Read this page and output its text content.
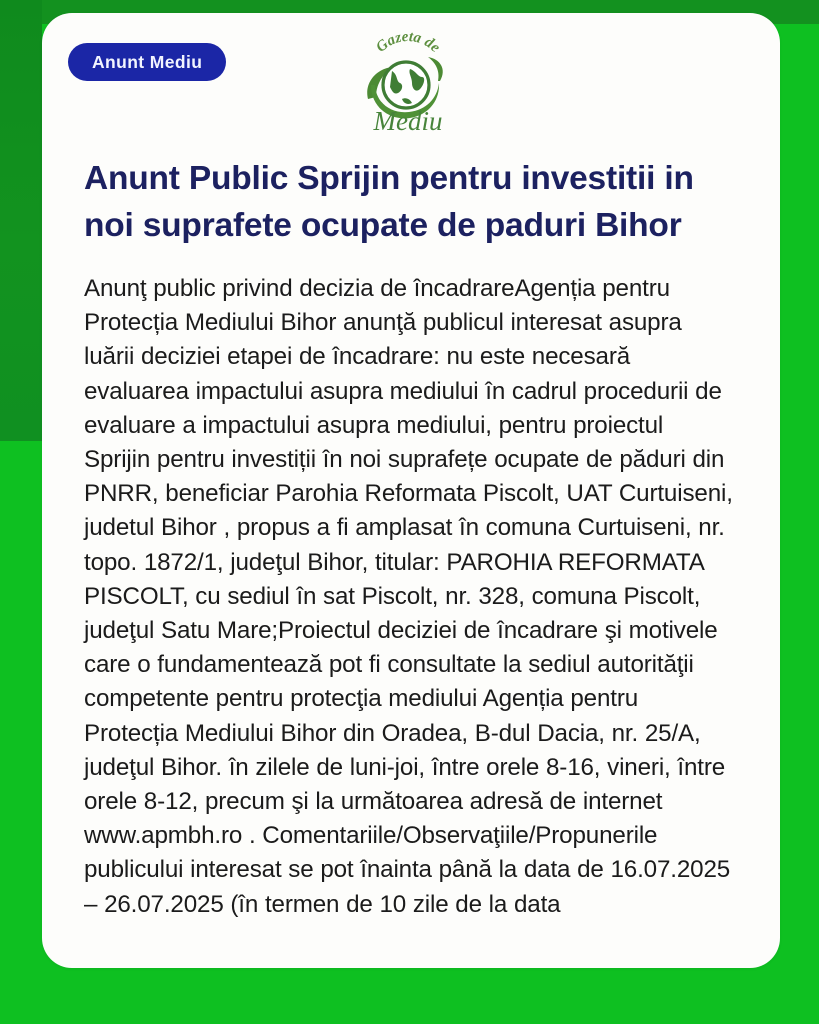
Anunt Mediu
Gazeta de
Mediu
Anunt Public Sprijin pentru investitii in noi suprafete ocupate de paduri Bihor

Anunţ public privind decizia de încadrareAgenția pentru Protecția Mediului Bihor anunţă publicul interesat asupra luării deciziei etapei de încadrare: nu este necesară evaluarea impactului asupra mediului în cadrul procedurii de evaluare a impactului asupra mediului, pentru proiectul Sprijin pentru investiții în noi suprafețe ocupate de păduri din PNRR, beneficiar Parohia Reformata Piscolt, UAT Curtuiseni, judetul Bihor , propus a fi amplasat în comuna Curtuiseni, nr. topo. 1872/1, judeţul Bihor, titular: PAROHIA REFORMATA PISCOLT, cu sediul în sat Piscolt, nr. 328, comuna Piscolt, judeţul Satu Mare;Proiectul deciziei de încadrare şi motivele care o fundamentează pot fi consultate la sediul autorităţii competente pentru protecţia mediului Agenția pentru Protecția Mediului Bihor din Oradea, B-dul Dacia, nr. 25/A, judeţul Bihor. în zilele de luni-joi, între orele 8-16, vineri, între orele 8-12, precum şi la următoarea adresă de internet www.apmbh.ro . Comentariile/Observaţiile/Propunerile publicului interesat se pot înainta până la data de 16.07.2025 – 26.07.2025 (în termen de 10 zile de la data
